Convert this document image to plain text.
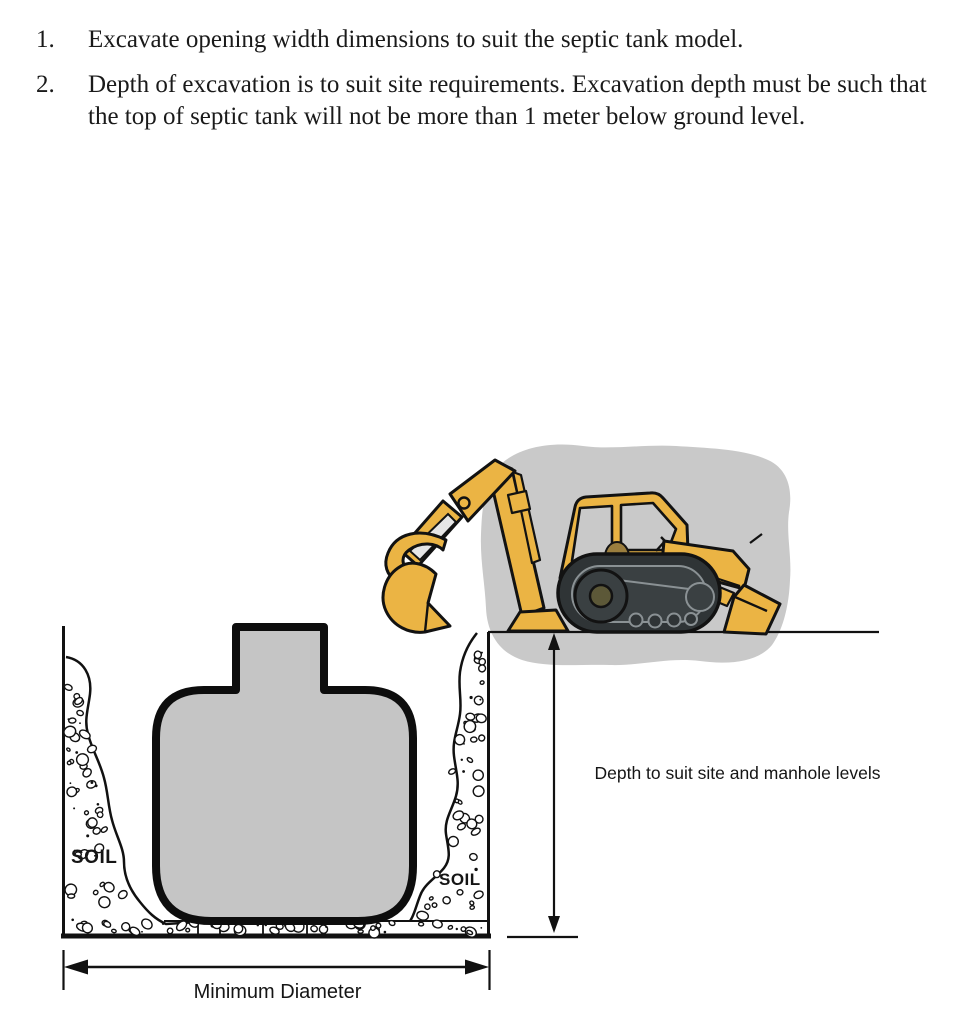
1.	Excavate opening width dimensions to suit the septic tank model.
2.	Depth of excavation is to suit site requirements. Excavation depth must be such that the top of septic tank will not be more than 1 meter below ground level.
SOIL
SOIL
Depth to suit site and manhole levels
Minimum Diameter
